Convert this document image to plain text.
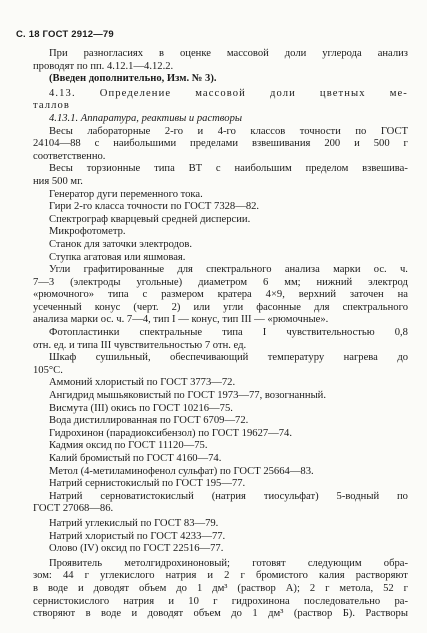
С. 18 ГОСТ 2912—79
При разногласиях в оценке массовой доли углерода анализ
проводят по пп. 4.12.1—4.12.2.
(Введен дополнительно, Изм. № 3).
4.13. Определение массовой доли цветных ме-
таллов
4.13.1. Аппаратура, реактивы и растворы
Весы лабораторные 2-го и 4-го классов точности по ГОСТ
24104—88 с наибольшими пределами взвешивания 200 и 500 г
соответственно.
Весы торзионные типа ВТ с наибольшим пределом взвешива-
ния 500 мг.
Генератор дуги переменного тока.
Гири 2-го класса точности по ГОСТ 7328—82.
Спектрограф кварцевый средней дисперсии.
Микрофотометр.
Станок для заточки электродов.
Ступка агатовая или яшмовая.
Угли графитированные для спектрального анализа марки ос. ч.
7—3 (электроды угольные) диаметром 6 мм; нижний электрод
«рюмочного» типа с размером кратера 4×9, верхний заточен на
усеченный конус (черт. 2) или угли фасонные для спектрального
анализа марки ос. ч. 7—4, тип I — конус, тип III — «рюмочные».
Фотопластинки спектральные типа I чувствительностью 0,8
отн. ед. и типа III чувствительностью 7 отн. ед.
Шкаф сушильный, обеспечивающий температуру нагрева до
105°С.
Аммоний хлористый по ГОСТ 3773—72.
Ангидрид мышьяковистый по ГОСТ 1973—77, возогнанный.
Висмута (III) окись по ГОСТ 10216—75.
Вода дистиллированная по ГОСТ 6709—72.
Гидрохинон (парадиоксибензол) по ГОСТ 19627—74.
Кадмия оксид по ГОСТ 11120—75.
Калий бромистый по ГОСТ 4160—74.
Метол (4-метиламинофенол сульфат) по ГОСТ 25664—83.
Натрий сернистокислый по ГОСТ 195—77.
Натрий серноватистокислый (натрия тиосульфат) 5-водный по
ГОСТ 27068—86.
Натрий углекислый по ГОСТ 83—79.
Натрий хлористый по ГОСТ 4233—77.
Олово (IV) оксид по ГОСТ 22516—77.
Проявитель метолгидрохиноновый; готовят следующим обра-
зом: 44 г углекислого натрия и 2 г бромистого калия растворяют
в воде и доводят объем до 1 дм³ (раствор А); 2 г метола, 52 г
сернистокислого натрия и 10 г гидрохинона последовательно ра-
створяют в воде и доводят объем до 1 дм³ (раствор Б). Растворы
